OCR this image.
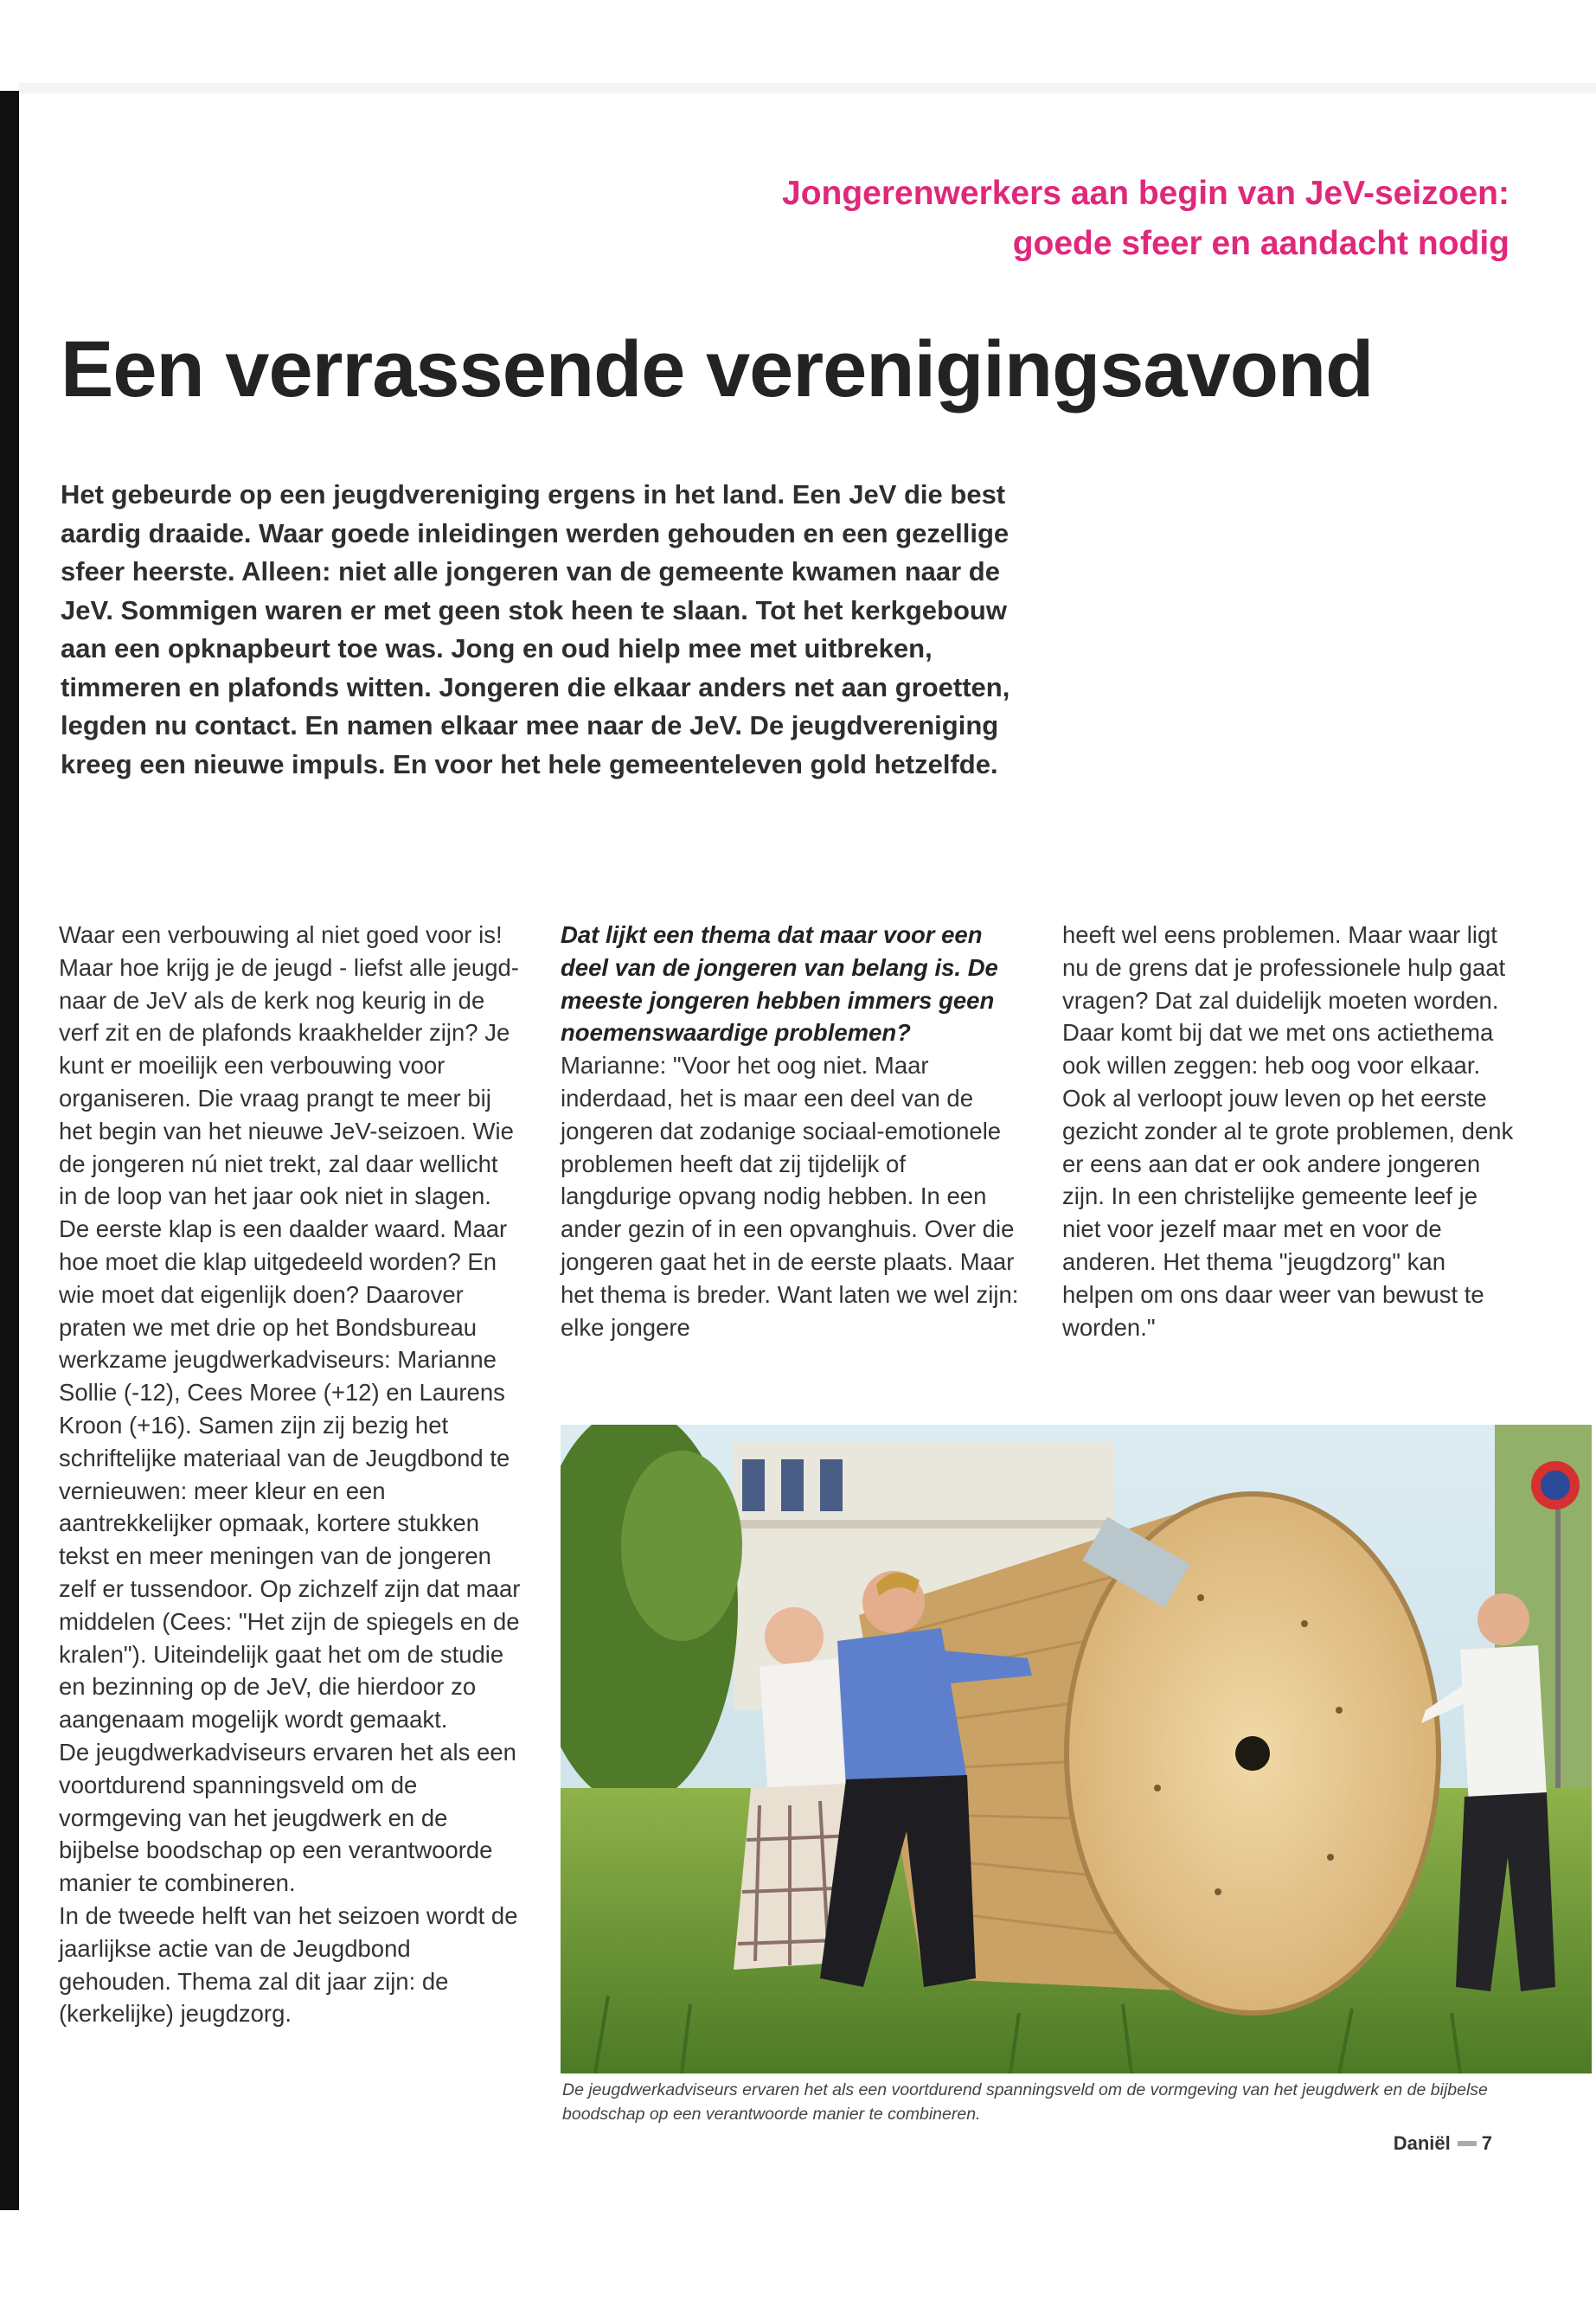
Jongerenwerkers aan begin van JeV-seizoen:
goede sfeer en aandacht nodig
Een verrassende verenigingsavond

Het gebeurde op een jeugdvereniging ergens in het land. Een JeV die best aardig draaide. Waar goede inleidingen werden gehouden en een gezellige sfeer heerste. Alleen: niet alle jongeren van de gemeente kwamen naar de JeV. Sommigen waren er met geen stok heen te slaan. Tot het kerkgebouw aan een opknapbeurt toe was. Jong en oud hielp mee met uitbreken, timmeren en plafonds witten. Jongeren die elkaar anders net aan groetten, legden nu contact. En namen elkaar mee naar de JeV. De jeugdvereniging kreeg een nieuwe impuls. En voor het hele gemeenteleven gold hetzelfde.

Waar een verbouwing al niet goed voor is! Maar hoe krijg je de jeugd - liefst alle jeugd- naar de JeV als de kerk nog keurig in de verf zit en de plafonds kraakhelder zijn? Je kunt er moeilijk een verbouwing voor organiseren. Die vraag prangt te meer bij het begin van het nieuwe JeV-seizoen. Wie de jongeren nú niet trekt, zal daar wellicht in de loop van het jaar ook niet in slagen. De eerste klap is een daalder waard. Maar hoe moet die klap uitgedeeld worden? En wie moet dat eigenlijk doen? Daarover praten we met drie op het Bondsbureau werkzame jeugdwerkadviseurs: Marianne Sollie (-12), Cees Moree (+12) en Laurens Kroon (+16). Samen zijn zij bezig het schriftelijke materiaal van de Jeugdbond te vernieuwen: meer kleur en een aantrekkelijker opmaak, kortere stukken tekst en meer meningen van de jongeren zelf er tussendoor. Op zichzelf zijn dat maar middelen (Cees: "Het zijn de spiegels en de kralen"). Uiteindelijk gaat het om de studie en bezinning op de JeV, die hierdoor zo aangenaam mogelijk wordt gemaakt.

De jeugdwerkadviseurs ervaren het als een voortdurend spanningsveld om de vormgeving van het jeugdwerk en de bijbelse boodschap op een verantwoorde manier te combineren.

In de tweede helft van het seizoen wordt de jaarlijkse actie van de Jeugdbond gehouden. Thema zal dit jaar zijn: de (kerkelijke) jeugdzorg.

Dat lijkt een thema dat maar voor een deel van de jongeren van belang is. De meeste jongeren hebben immers geen noemenswaardige problemen?

Marianne: "Voor het oog niet. Maar inderdaad, het is maar een deel van de jongeren dat zodanige sociaal-emotionele problemen heeft dat zij tijdelijk of langdurige opvang nodig hebben. In een ander gezin of in een opvanghuis. Over die jongeren gaat het in de eerste plaats. Maar het thema is breder. Want laten we wel zijn: elke jongere

heeft wel eens problemen. Maar waar ligt nu de grens dat je professionele hulp gaat vragen? Dat zal duidelijk moeten worden.

Daar komt bij dat we met ons actiethema ook willen zeggen: heb oog voor elkaar. Ook al verloopt jouw leven op het eerste gezicht zonder al te grote problemen, denk er eens aan dat er ook andere jongeren zijn. In een christelijke gemeente leef je niet voor jezelf maar met en voor de anderen. Het thema "jeugdzorg" kan helpen om ons daar weer van bewust te worden."

De jeugdwerkadviseurs ervaren het als een voortdurend spanningsveld om de vormgeving van het jeugdwerk en de bijbelse boodschap op een verantwoorde manier te combineren.

Daniël 7
